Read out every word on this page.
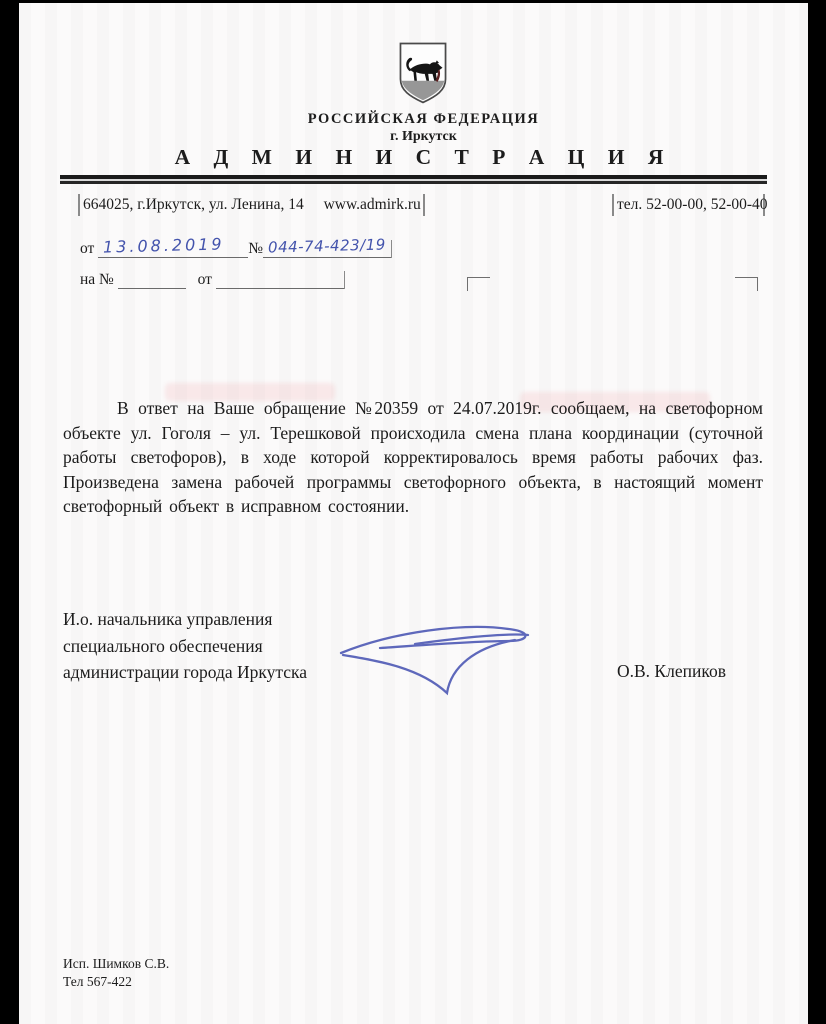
РОССИЙСКАЯ ФЕДЕРАЦИЯ
г. Иркутск
А Д М И Н И С Т Р А Ц И Я
664025, г.Иркутск, ул. Ленина, 14 www.admirk.ru	тел. 52-00-00, 52-00-40
от 13.08.2019 № 044-74-423/19
на №	от
В ответ на Ваше обращение №20359 от 24.07.2019г. сообщаем, на светофорном объекте ул. Гоголя – ул. Терешковой происходила смена плана координации (суточной работы светофоров), в ходе которой корректировалось время работы рабочих фаз. Произведена замена рабочей программы светофорного объекта, в настоящий момент светофорный объект в исправном состоянии.
И.о. начальника управления
специального обеспечения
администрации города Иркутска	О.В. Клепиков
Исп. Шимков С.В.
Тел 567-422
